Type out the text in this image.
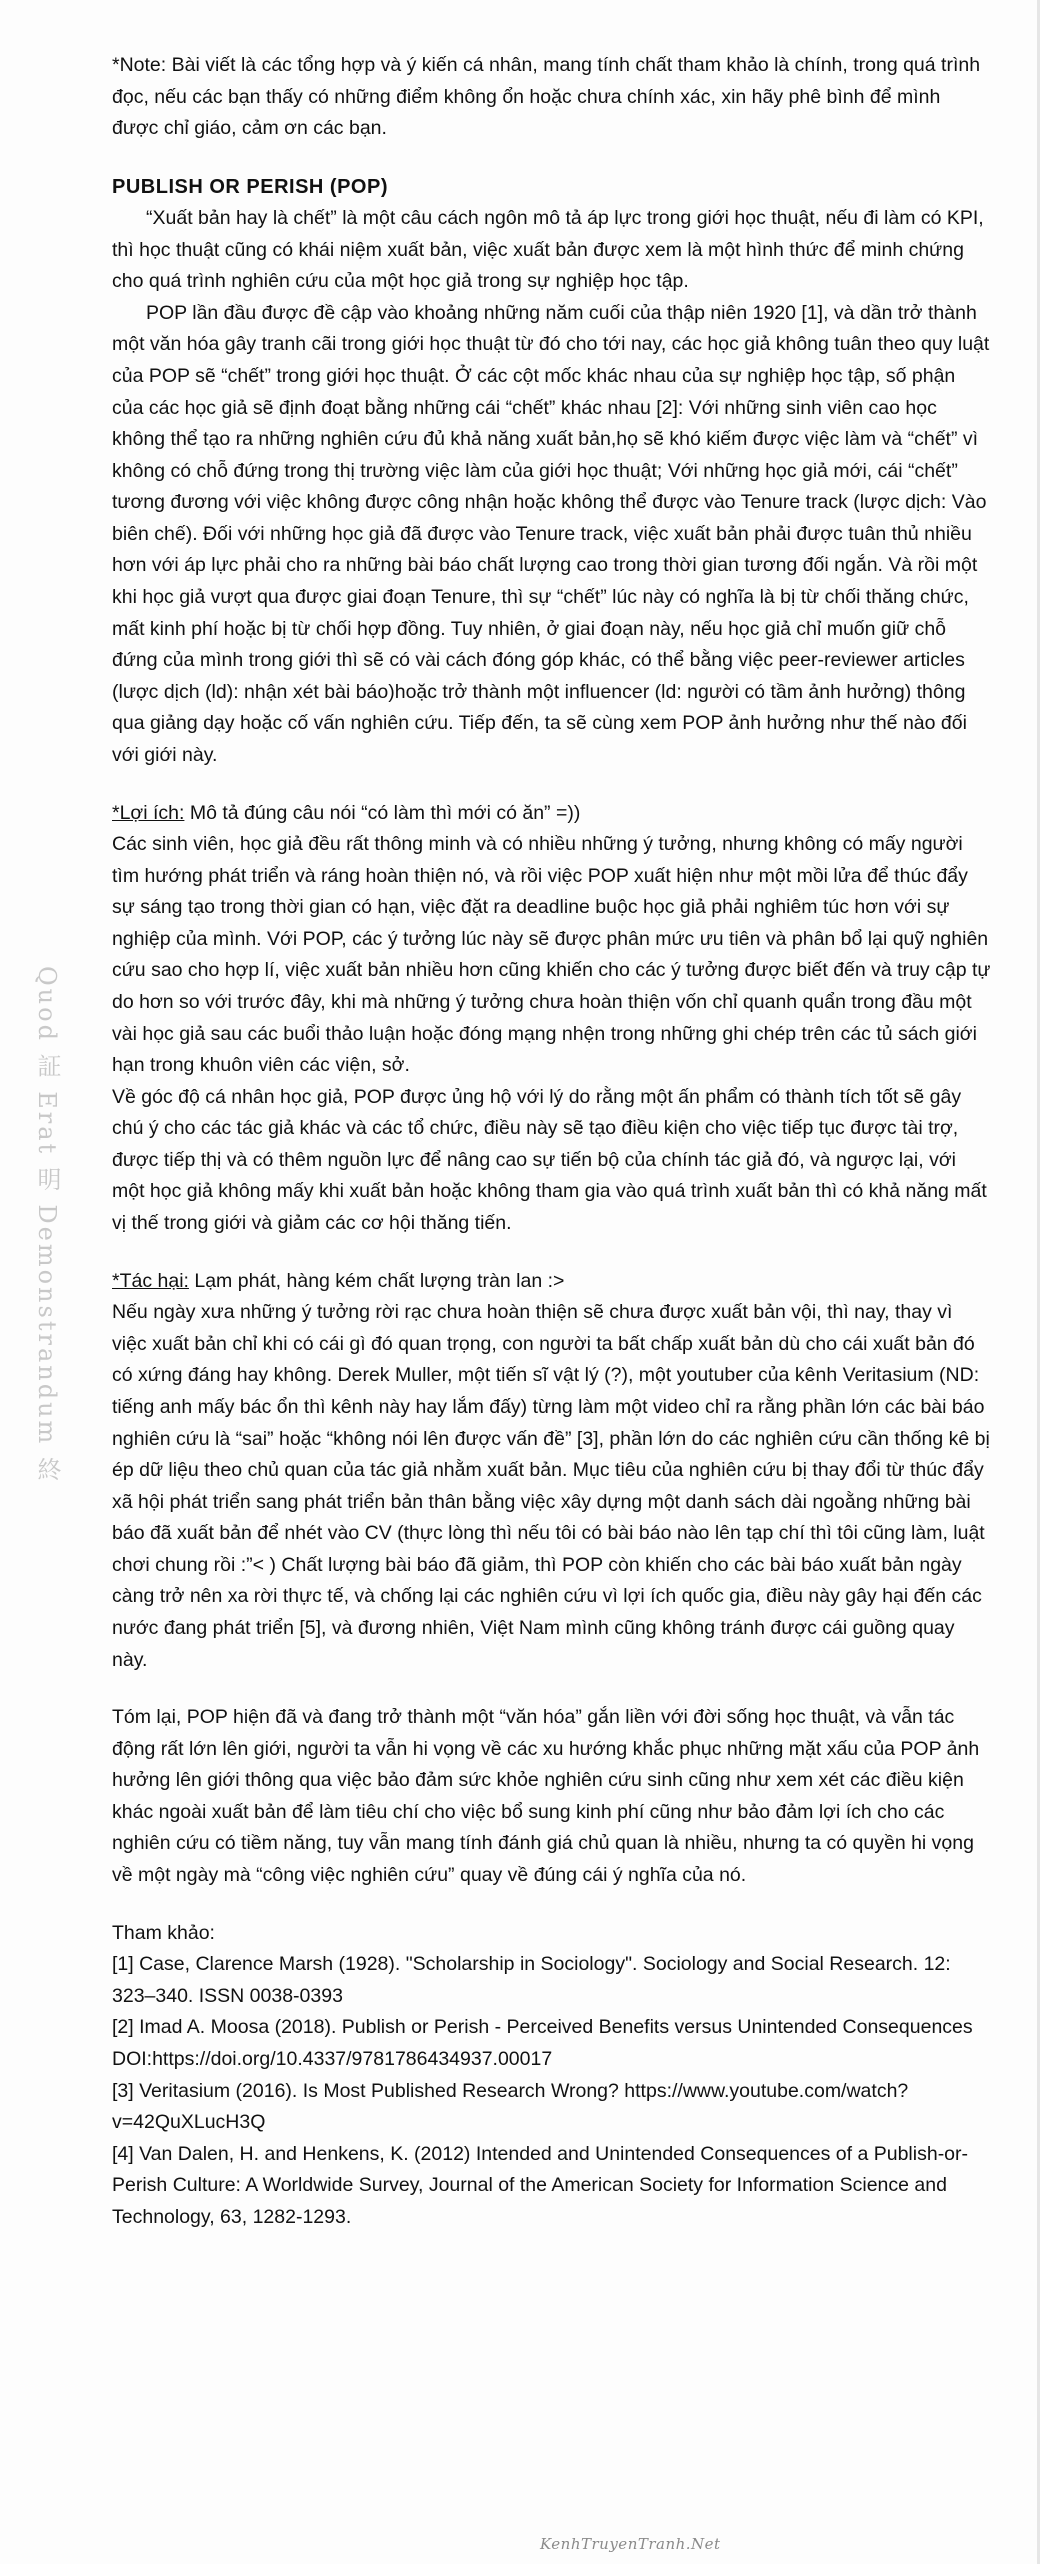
Quod 証 Erat 明 Demonstrandum 終

*Note: Bài viết là các tổng hợp và ý kiến cá nhân, mang tính chất tham khảo là chính, trong quá trình đọc, nếu các bạn thấy có những điểm không ổn hoặc chưa chính xác, xin hãy phê bình để mình được chỉ giáo, cảm ơn các bạn.

PUBLISH OR PERISH (POP)

“Xuất bản hay là chết” là một câu cách ngôn mô tả áp lực trong giới học thuật, nếu đi làm có KPI, thì học thuật cũng có khái niệm xuất bản, việc xuất bản được xem là một hình thức để minh chứng cho quá trình nghiên cứu của một học giả trong sự nghiệp học tập.

POP lần đầu được đề cập vào khoảng những năm cuối của thập niên 1920 [1], và dần trở thành một văn hóa gây tranh cãi trong giới học thuật từ đó cho tới nay, các học giả không tuân theo quy luật của POP sẽ “chết” trong giới học thuật. Ở các cột mốc khác nhau của sự nghiệp học tập, số phận của các học giả sẽ định đoạt bằng những cái “chết” khác nhau [2]: Với những sinh viên cao học không thể tạo ra những nghiên cứu đủ khả năng xuất bản,họ sẽ khó kiếm được việc làm và “chết” vì không có chỗ đứng trong thị trường việc làm của giới học thuật; Với những học giả mới, cái “chết” tương đương với việc không được công nhận hoặc không thể được vào Tenure track (lược dịch: Vào biên chế). Đối với những học giả đã được vào Tenure track, việc xuất bản phải được tuân thủ nhiều hơn với áp lực phải cho ra những bài báo chất lượng cao trong thời gian tương đối ngắn. Và rồi một khi học giả vượt qua được giai đoạn Tenure, thì sự “chết” lúc này có nghĩa là bị từ chối thăng chức, mất kinh phí hoặc bị từ chối hợp đồng. Tuy nhiên, ở giai đoạn này, nếu học giả chỉ muốn giữ chỗ đứng của mình trong giới thì sẽ có vài cách đóng góp khác, có thể bằng việc peer-reviewer articles (lược dịch (ld): nhận xét bài báo)hoặc trở thành một influencer (ld: người có tầm ảnh hưởng) thông qua giảng dạy hoặc cố vấn nghiên cứu. Tiếp đến, ta sẽ cùng xem POP ảnh hưởng như thế nào đối với giới này.

*Lợi ích: Mô tả đúng câu nói “có làm thì mới có ăn” =))

Các sinh viên, học giả đều rất thông minh và có nhiều những ý tưởng, nhưng không có mấy người tìm hướng phát triển và ráng hoàn thiện nó, và rồi việc POP xuất hiện như một mồi lửa để thúc đẩy sự sáng tạo trong thời gian có hạn, việc đặt ra deadline buộc học giả phải nghiêm túc hơn với sự nghiệp của mình. Với POP, các ý tưởng lúc này sẽ được phân mức ưu tiên và phân bổ lại quỹ nghiên cứu sao cho hợp lí, việc xuất bản nhiều hơn cũng khiến cho các ý tưởng được biết đến và truy cập tự do hơn so với trước đây, khi mà những ý tưởng chưa hoàn thiện vốn chỉ quanh quẩn trong đầu một vài học giả sau các buổi thảo luận hoặc đóng mạng nhện trong những ghi chép trên các tủ sách giới hạn trong khuôn viên các viện, sở.

Về góc độ cá nhân học giả, POP được ủng hộ với lý do rằng một ấn phẩm có thành tích tốt sẽ gây chú ý cho các tác giả khác và các tổ chức, điều này sẽ tạo điều kiện cho việc tiếp tục được tài trợ, được tiếp thị và có thêm nguồn lực để nâng cao sự tiến bộ của chính tác giả đó, và ngược lại, với một học giả không mấy khi xuất bản hoặc không tham gia vào quá trình xuất bản thì có khả năng mất vị thế trong giới và giảm các cơ hội thăng tiến.

*Tác hại: Lạm phát, hàng kém chất lượng tràn lan :>

Nếu ngày xưa những ý tưởng rời rạc chưa hoàn thiện sẽ chưa được xuất bản vội, thì nay, thay vì việc xuất bản chỉ khi có cái gì đó quan trọng, con người ta bất chấp xuất bản dù cho cái xuất bản đó có xứng đáng hay không. Derek Muller, một tiến sĩ vật lý (?), một youtuber của kênh Veritasium (ND: tiếng anh mấy bác ổn thì kênh này hay lắm đấy) từng làm một video chỉ ra rằng phần lớn các bài báo nghiên cứu là “sai” hoặc “không nói lên được vấn đề” [3], phần lớn do các nghiên cứu cần thống kê bị ép dữ liệu theo chủ quan của tác giả nhằm xuất bản. Mục tiêu của nghiên cứu bị thay đổi từ thúc đẩy xã hội phát triển sang phát triển bản thân bằng việc xây dựng một danh sách dài ngoằng những bài báo đã xuất bản để nhét vào CV (thực lòng thì nếu tôi có bài báo nào lên tạp chí thì tôi cũng làm, luật chơi chung rồi :”< ) Chất lượng bài báo đã giảm, thì POP còn khiến cho các bài báo xuất bản ngày càng trở nên xa rời thực tế, và chống lại các nghiên cứu vì lợi ích quốc gia, điều này gây hại đến các nước đang phát triển [5], và đương nhiên, Việt Nam mình cũng không tránh được cái guồng quay này.

Tóm lại, POP hiện đã và đang trở thành một “văn hóa” gắn liền với đời sống học thuật, và vẫn tác động rất lớn lên giới, người ta vẫn hi vọng về các xu hướng khắc phục những mặt xấu của POP ảnh hưởng lên giới thông qua việc bảo đảm sức khỏe nghiên cứu sinh cũng như xem xét các điều kiện khác ngoài xuất bản để làm tiêu chí cho việc bổ sung kinh phí cũng như bảo đảm lợi ích cho các nghiên cứu có tiềm năng, tuy vẫn mang tính đánh giá chủ quan là nhiều, nhưng ta có quyền hi vọng về một ngày mà “công việc nghiên cứu” quay về đúng cái ý nghĩa của nó.

Tham khảo:

[1] Case, Clarence Marsh (1928). "Scholarship in Sociology". Sociology and Social Research. 12: 323–340. ISSN 0038-0393

[2] Imad A. Moosa (2018). Publish or Perish - Perceived Benefits versus Unintended Consequences DOI:https://doi.org/10.4337/9781786434937.00017

[3] Veritasium (2016). Is Most Published Research Wrong? https://www.youtube.com/watch?v=42QuXLucH3Q

[4] Van Dalen, H. and Henkens, K. (2012) Intended and Unintended Consequences of a Publish-or-Perish Culture: A Worldwide Survey, Journal of the American Society for Information Science and Technology, 63, 1282-1293.

KenhTruyenTranh.Net
